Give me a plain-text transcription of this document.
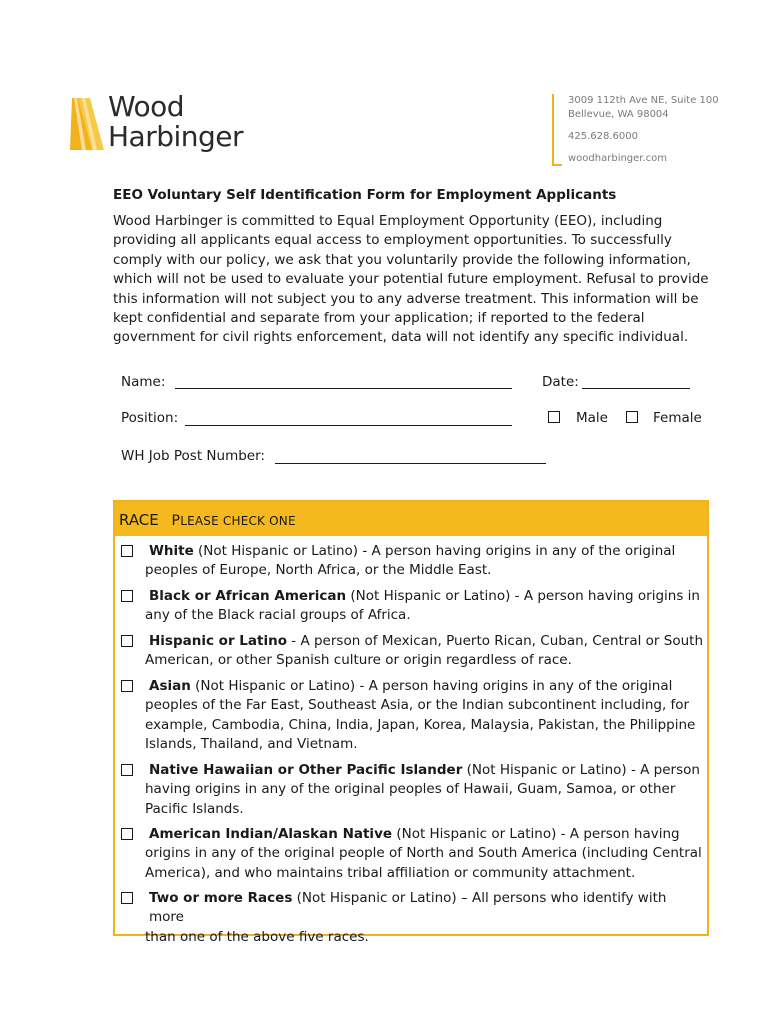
Wood
Harbinger
3009 112th Ave NE, Suite 100
Bellevue, WA 98004
425.628.6000
woodharbinger.com
EEO Voluntary Self Identification Form for Employment Applicants
Wood Harbinger is committed to Equal Employment Opportunity (EEO), including providing all applicants equal access to employment opportunities. To successfully comply with our policy, we ask that you voluntarily provide the following information, which will not be used to evaluate your potential future employment. Refusal to provide this information will not subject you to any adverse treatment. This information will be kept confidential and separate from your application; if reported to the federal government for civil rights enforcement, data will not identify any specific individual.
Name:	Date:
Position:	Male	Female
WH Job Post Number:
RACE PLEASE CHECK ONE
White (Not Hispanic or Latino) - A person having origins in any of the original
peoples of Europe, North Africa, or the Middle East.
Black or African American (Not Hispanic or Latino) - A person having origins in
any of the Black racial groups of Africa.
Hispanic or Latino - A person of Mexican, Puerto Rican, Cuban, Central or South
American, or other Spanish culture or origin regardless of race.
Asian (Not Hispanic or Latino) - A person having origins in any of the original
peoples of the Far East, Southeast Asia, or the Indian subcontinent including, for example, Cambodia, China, India, Japan, Korea, Malaysia, Pakistan, the Philippine Islands, Thailand, and Vietnam.
Native Hawaiian or Other Pacific Islander (Not Hispanic or Latino) - A person
having origins in any of the original peoples of Hawaii, Guam, Samoa, or other Pacific Islands.
American Indian/Alaskan Native (Not Hispanic or Latino) - A person having
origins in any of the original people of North and South America (including Central America), and who maintains tribal affiliation or community attachment.
Two or more Races (Not Hispanic or Latino) – All persons who identify with more
than one of the above five races.
